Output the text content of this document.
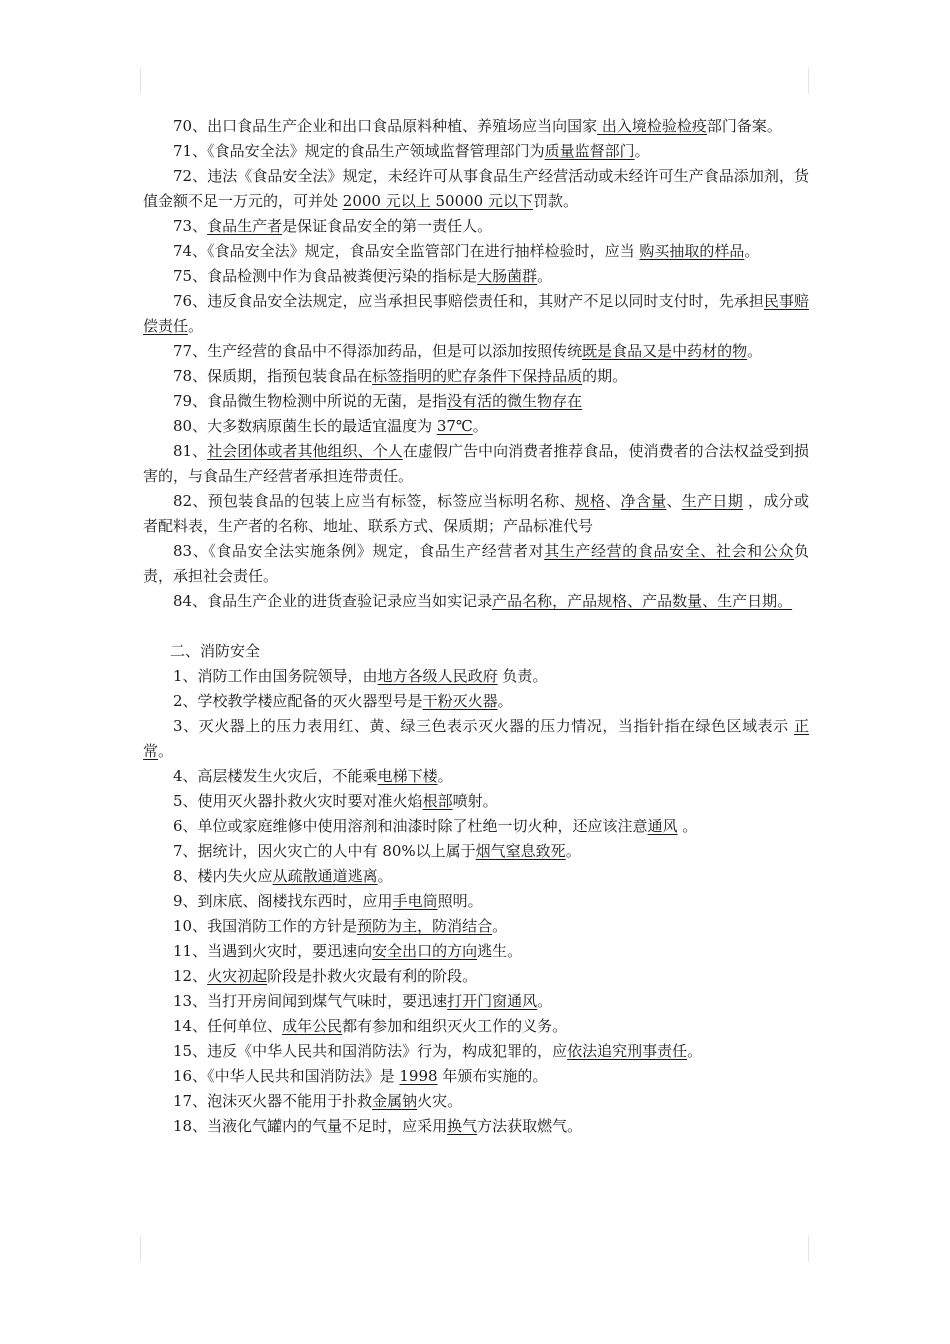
70、出口食品生产企业和出口食品原料种植、养殖场应当向国家 出入境检验检疫部门备案。

71、《食品安全法》规定的食品生产领域监督管理部门为质量监督部门。

72、违法《食品安全法》规定，未经许可从事食品生产经营活动或未经许可生产食品添加剂，货值金额不足一万元的，可并处 2000 元以上 50000 元以下罚款。

73、食品生产者是保证食品安全的第一责任人。

74、《食品安全法》规定，食品安全监管部门在进行抽样检验时，应当 购买抽取的样品。

75、食品检测中作为食品被粪便污染的指标是大肠菌群。

76、违反食品安全法规定，应当承担民事赔偿责任和，其财产不足以同时支付时，先承担民事赔偿责任。

77、生产经营的食品中不得添加药品，但是可以添加按照传统既是食品又是中药材的物。

78、保质期，指预包装食品在标签指明的贮存条件下保持品质的期。

79、食品微生物检测中所说的无菌，是指没有活的微生物存在

80、大多数病原菌生长的最适宜温度为 37℃。

81、社会团体或者其他组织、个人在虚假广告中向消费者推荐食品，使消费者的合法权益受到损害的，与食品生产经营者承担连带责任。

82、预包装食品的包装上应当有标签，标签应当标明名称、规格、净含量、生产日期 ，成分或者配料表，生产者的名称、地址、联系方式、保质期；产品标准代号

83、《食品安全法实施条例》规定，食品生产经营者对其生产经营的食品安全、社会和公众负责，承担社会责任。

84、食品生产企业的进货查验记录应当如实记录产品名称，产品规格、产品数量、生产日期。

二、消防安全

1、消防工作由国务院领导，由地方各级人民政府 负责。

2、学校教学楼应配备的灭火器型号是干粉灭火器。

3、灭火器上的压力表用红、黄、绿三色表示灭火器的压力情况，当指针指在绿色区域表示 正常。

4、高层楼发生火灾后，不能乘电梯下楼。

5、使用灭火器扑救火灾时要对准火焰根部喷射。

6、单位或家庭维修中使用溶剂和油漆时除了杜绝一切火种，还应该注意通风 。

7、据统计，因火灾亡的人中有 80%以上属于烟气窒息致死。

8、楼内失火应从疏散通道逃离。

9、到床底、阁楼找东西时，应用手电筒照明。

10、我国消防工作的方针是预防为主，防消结合。

11、当遇到火灾时，要迅速向安全出口的方向逃生。

12、火灾初起阶段是扑救火灾最有利的阶段。

13、当打开房间闻到煤气气味时，要迅速打开门窗通风。

14、任何单位、成年公民都有参加和组织灭火工作的义务。

15、违反《中华人民共和国消防法》行为，构成犯罪的，应依法追究刑事责任。

16、《中华人民共和国消防法》是 1998 年颁布实施的。

17、泡沫灭火器不能用于扑救金属钠火灾。

18、当液化气罐内的气量不足时，应采用换气方法获取燃气。
